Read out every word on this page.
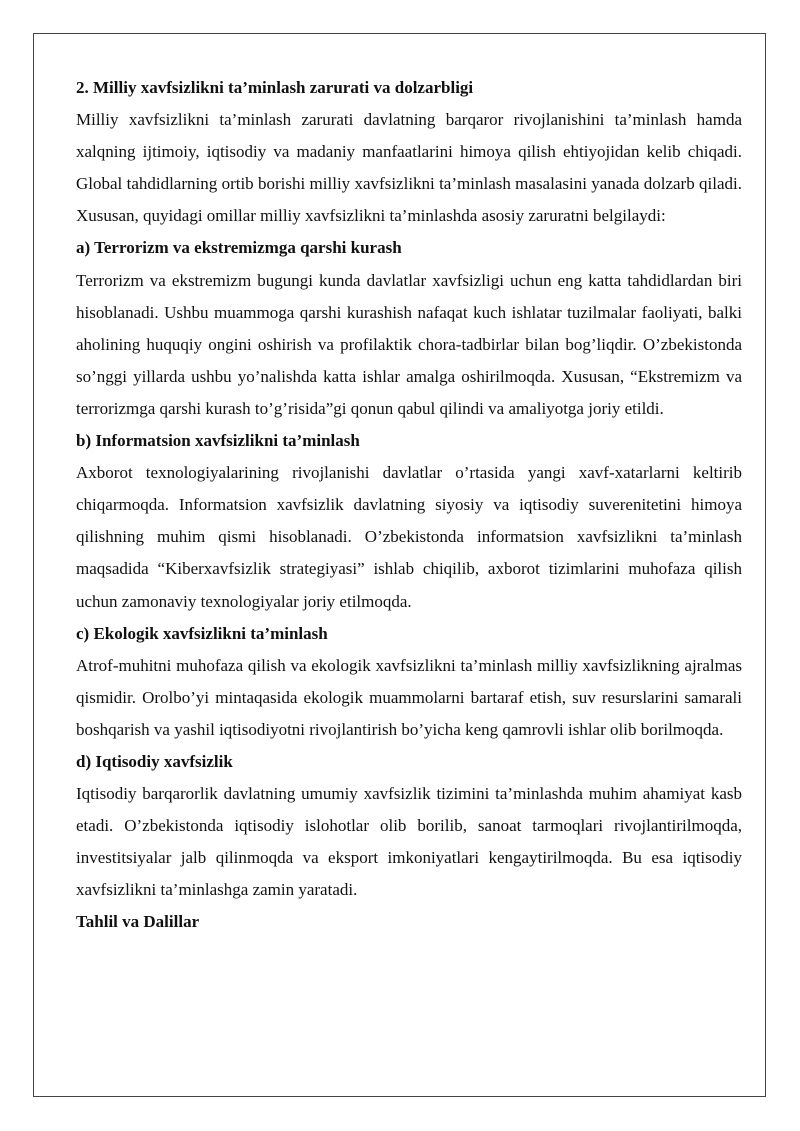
2. Milliy xavfsizlikni ta’minlash zarurati va dolzarbligi

Milliy xavfsizlikni ta’minlash zarurati davlatning barqaror rivojlanishini ta’minlash hamda xalqning ijtimoiy, iqtisodiy va madaniy manfaatlarini himoya qilish ehtiyojidan kelib chiqadi. Global tahdidlarning ortib borishi milliy xavfsizlikni ta’minlash masalasini yanada dolzarb qiladi. Xususan, quyidagi omillar milliy xavfsizlikni ta’minlashda asosiy zaruratni belgilaydi:

a) Terrorizm va ekstremizmga qarshi kurash

Terrorizm va ekstremizm bugungi kunda davlatlar xavfsizligi uchun eng katta tahdidlardan biri hisoblanadi. Ushbu muammoga qarshi kurashish nafaqat kuch ishlatar tuzilmalar faoliyati, balki aholining huquqiy ongini oshirish va profilaktik chora-tadbirlar bilan bog’liqdir. O’zbekistonda so’nggi yillarda ushbu yo’nalishda katta ishlar amalga oshirilmoqda. Xususan, “Ekstremizm va terrorizmga qarshi kurash to’g’risida”gi qonun qabul qilindi va amaliyotga joriy etildi.

b) Informatsion xavfsizlikni ta’minlash

Axborot texnologiyalarining rivojlanishi davlatlar o’rtasida yangi xavf-xatarlarni keltirib chiqarmoqda. Informatsion xavfsizlik davlatning siyosiy va iqtisodiy suverenitetini himoya qilishning muhim qismi hisoblanadi. O’zbekistonda informatsion xavfsizlikni ta’minlash maqsadida “Kiberxavfsizlik strategiyasi” ishlab chiqilib, axborot tizimlarini muhofaza qilish uchun zamonaviy texnologiyalar joriy etilmoqda.

c) Ekologik xavfsizlikni ta’minlash

Atrof-muhitni muhofaza qilish va ekologik xavfsizlikni ta’minlash milliy xavfsizlikning ajralmas qismidir. Orolbo’yi mintaqasida ekologik muammolarni bartaraf etish, suv resurslarini samarali boshqarish va yashil iqtisodiyotni rivojlantirish bo’yicha keng qamrovli ishlar olib borilmoqda.

d) Iqtisodiy xavfsizlik

Iqtisodiy barqarorlik davlatning umumiy xavfsizlik tizimini ta’minlashda muhim ahamiyat kasb etadi. O’zbekistonda iqtisodiy islohotlar olib borilib, sanoat tarmoqlari rivojlantirilmoqda, investitsiyalar jalb qilinmoqda va eksport imkoniyatlari kengaytirilmoqda. Bu esa iqtisodiy xavfsizlikni ta’minlashga zamin yaratadi.

Tahlil va Dalillar
